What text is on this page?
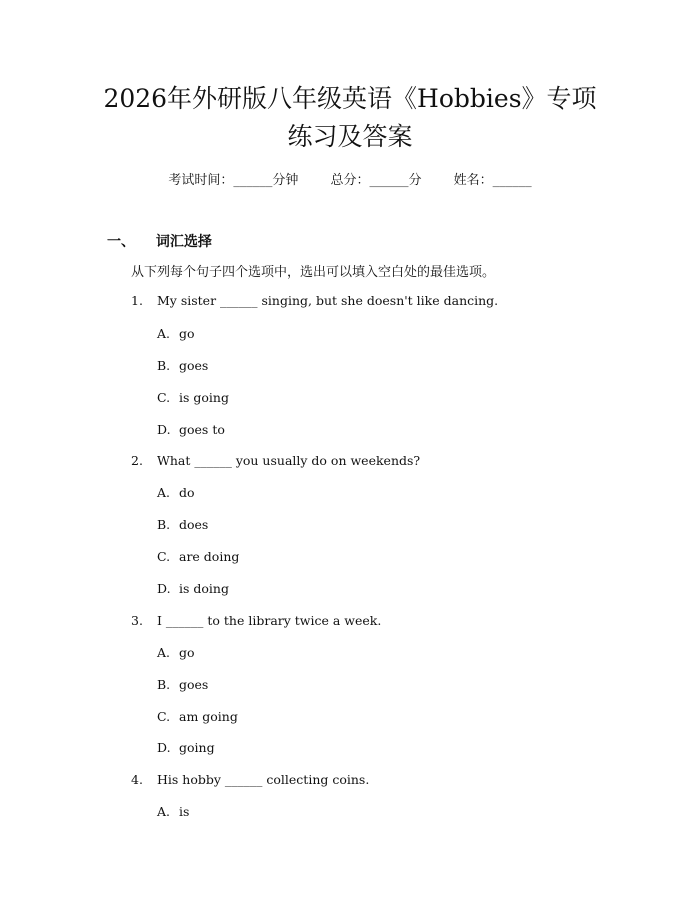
2026年外研版八年级英语《Hobbies》专项
练习及答案
考试时间：______分钟 总分：______分 姓名：______
一、 词汇选择
从下列每个句子四个选项中，选出可以填入空白处的最佳选项。
1. My sister ______ singing, but she doesn't like dancing.
A. go
B. goes
C. is going
D. goes to
2. What ______ you usually do on weekends?
A. do
B. does
C. are doing
D. is doing
3. I ______ to the library twice a week.
A. go
B. goes
C. am going
D. going
4. His hobby ______ collecting coins.
A. is
